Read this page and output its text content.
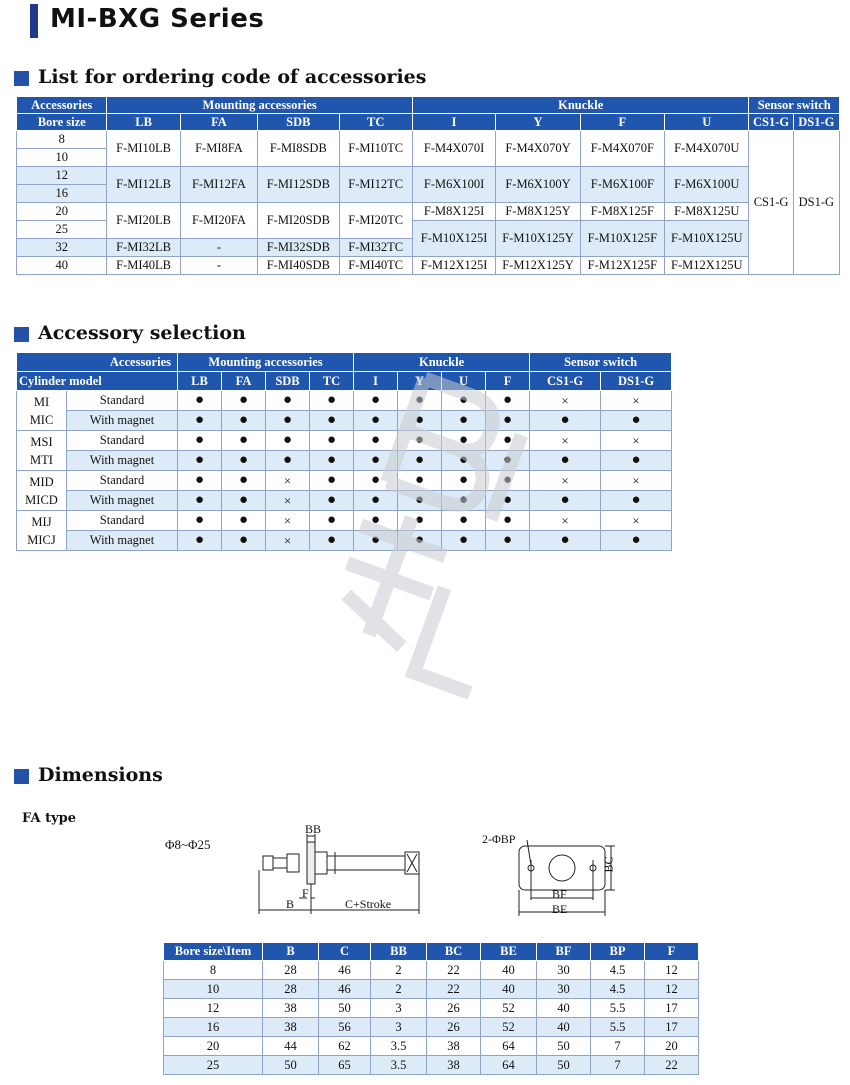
MI-BXG Series
List for ordering code of accessories
Accessories	Mounting accessories				Knuckle				Sensor switch	
Bore size	LB	FA	SDB	TC	I	Y	F	U	CS1-G	DS1-G
8	F-MI10LB	F-MI8FA	F-MI8SDB	F-MI10TC	F-M4X070I	F-M4X070Y	F-M4X070F	F-M4X070U	CS1-G	DS1-G
10										
12	F-MI12LB	F-MI12FA	F-MI12SDB	F-MI12TC	F-M6X100I	F-M6X100Y	F-M6X100F	F-M6X100U		
16										
20	F-MI20LB	F-MI20FA	F-MI20SDB	F-MI20TC	F-M8X125I	F-M8X125Y	F-M8X125F	F-M8X125U		
25					F-M10X125I	F-M10X125Y	F-M10X125F	F-M10X125U		
32	F-MI32LB	-	F-MI32SDB	F-MI32TC						
40	F-MI40LB	-	F-MI40SDB	F-MI40TC	F-M12X125I	F-M12X125Y	F-M12X125F	F-M12X125U		
Accessory selection
Accessories		Mounting accessories				Knuckle				Sensor switch	
Cylinder model		LB	FA	SDB	TC	I	Y	U	F	CS1-G	DS1-G

MI
MIC	Standard	●	●	●	●	●	●	●	●	×	×
	With magnet	●	●	●	●	●	●	●	●	●	●

MSI
MTI	Standard	●	●	●	●	●	●	●	●	×	×
	With magnet	●	●	●	●	●	●	●	●	●	●

MID
MICD	Standard	●	●	×	●	●	●	●	●	×	×
	With magnet	●	●	×	●	●	●	●	●	●	●

MIJ
MICJ	Standard	●	●	×	●	●	●	●	●	×	×
	With magnet	●	●	×	●	●	●	●	●	●	●
Dimensions
FA type
Φ8~Φ25
BB
B
F
C+Stroke
2-ΦBP
BC
BF
BE
Bore size\Item	B	C	BB	BC	BE	BF	BP	F
8	28	46	2	22	40	30	4.5	12
10	28	46	2	22	40	30	4.5	12
12	38	50	3	26	52	40	5.5	17
16	38	56	3	26	52	40	5.5	17
20	44	62	3.5	38	64	50	7	20
25	50	65	3.5	38	64	50	7	22
